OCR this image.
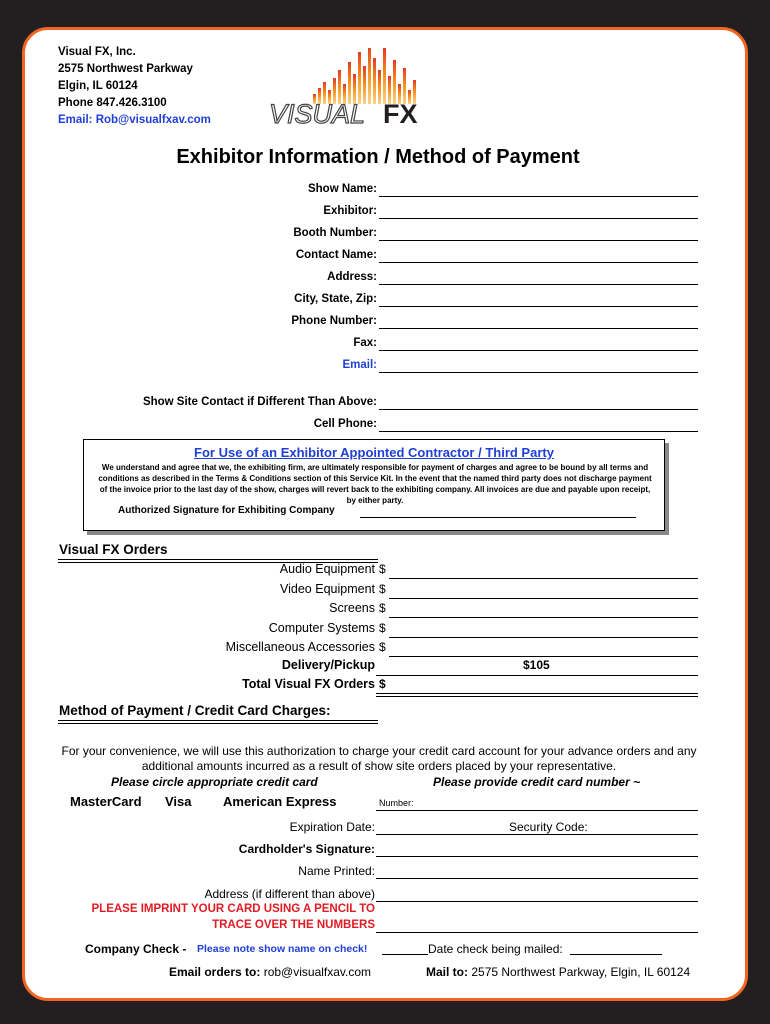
Visual FX, Inc.
2575 Northwest Parkway
Elgin, IL 60124
Phone 847.426.3100
Email: Rob@visualfxav.com VISUAL FX
Exhibitor Information / Method of Payment
Show Name:
Exhibitor:
Booth Number:
Contact Name:
Address:
City, State, Zip:
Phone Number:
Fax:
Email:
Show Site Contact if Different Than Above:
Cell Phone:
For Use of an Exhibitor Appointed Contractor / Third Party
We understand and agree that we, the exhibiting firm, are ultimately responsible for payment of charges and agree to be bound by all terms and conditions as described in the Terms & Conditions section of this Service Kit. In the event that the named third party does not discharge payment of the invoice prior to the last day of the show, charges will revert back to the exhibiting company. All invoices are due and payable upon receipt, by either party.
Authorized Signature for Exhibiting Company
Visual FX Orders
Audio Equipment $
Video Equipment $
Screens $
Computer Systems $
Miscellaneous Accessories $
Delivery/Pickup	$105
Total Visual FX Orders $
Method of Payment / Credit Card Charges:
For your convenience, we will use this authorization to charge your credit card account for your advance orders and any additional amounts incurred as a result of show site orders placed by your representative.
Please circle appropriate credit card	Please provide credit card number ~
MasterCard Visa American Express	Number:
Expiration Date:	Security Code:
Cardholder's Signature:
Name Printed:
Address (if different than above)
PLEASE IMPRINT YOUR CARD USING A PENCIL TO
TRACE OVER THE NUMBERS
Company Check - Please note show name on check!	Date check being mailed:
Email orders to: rob@visualfxav.com	Mail to: 2575 Northwest Parkway, Elgin, IL 60124
